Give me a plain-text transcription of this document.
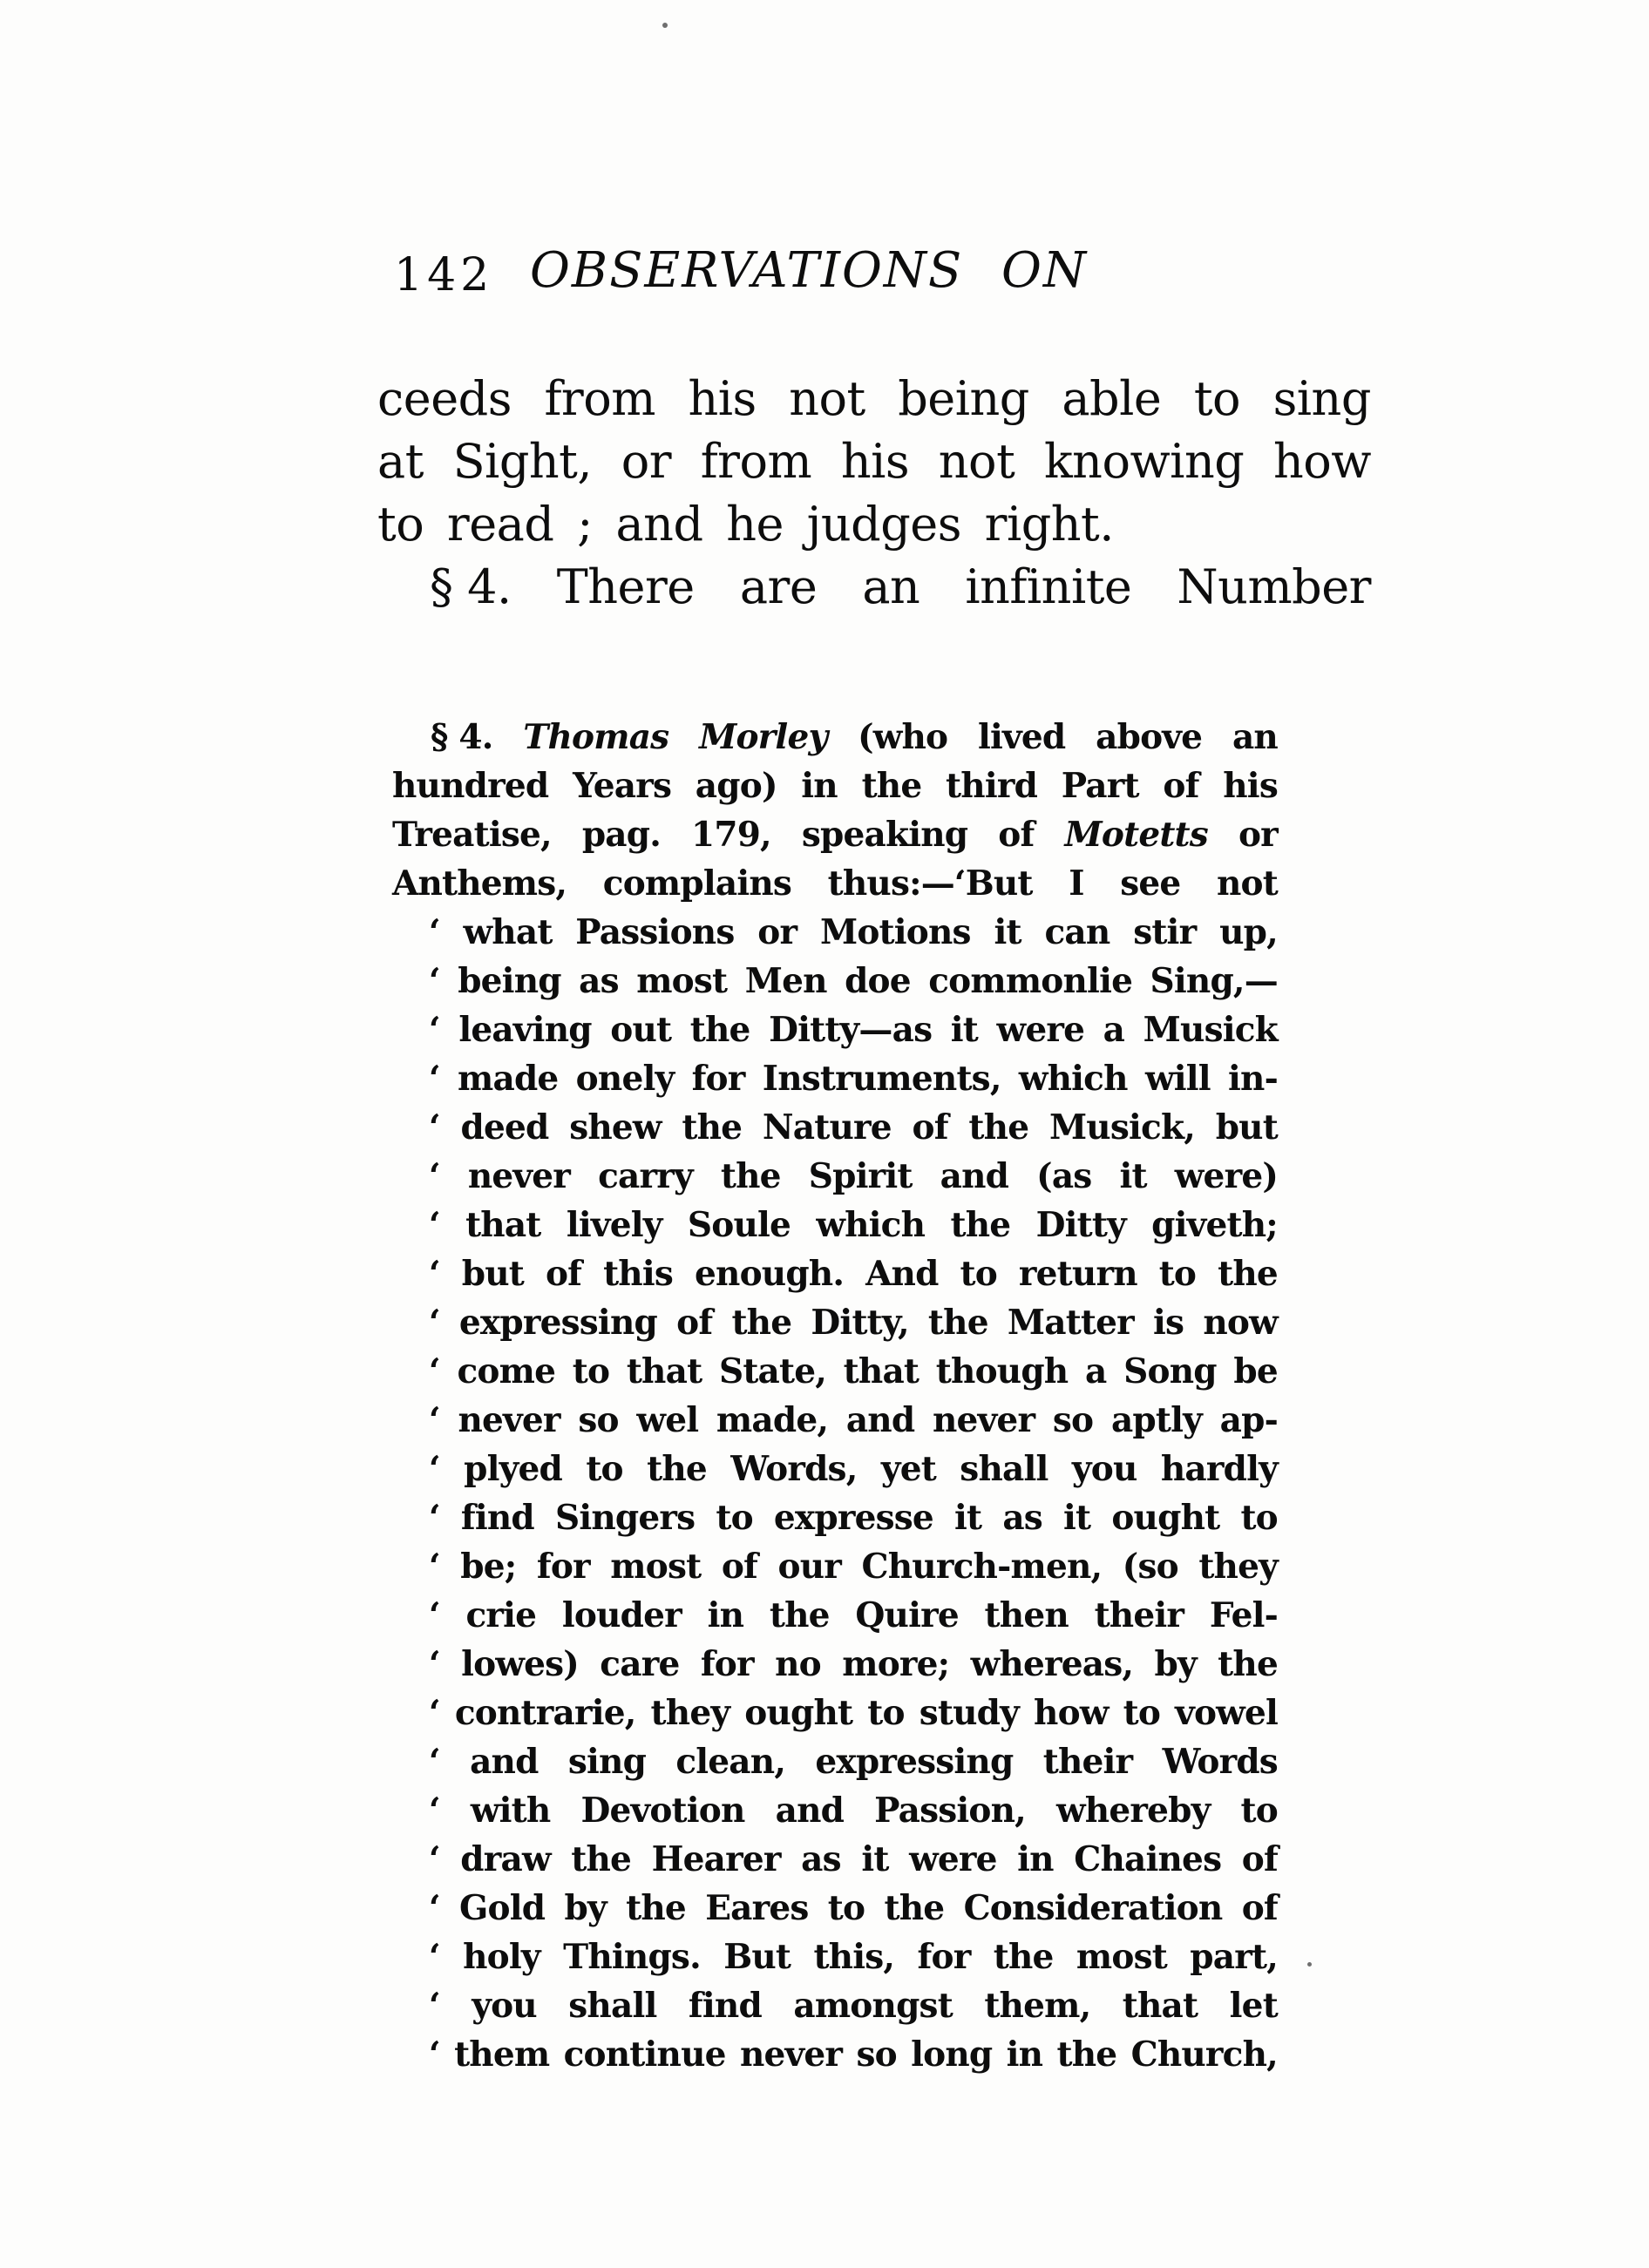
142 OBSERVATIONS ON
ceeds from his not being able to sing
at Sight, or from his not knowing how
to read ; and he judges right.
§ 4. There are an infinite Number
§ 4. Thomas Morley (who lived above an
hundred Years ago) in the third Part of his
Treatise, pag. 179, speaking of Motetts or
Anthems, complains thus:—‘But I see not
‘ what Passions or Motions it can stir up,
‘ being as most Men doe commonlie Sing,—
‘ leaving out the Ditty—as it were a Musick
‘ made onely for Instruments, which will in-
‘ deed shew the Nature of the Musick, but
‘ never carry the Spirit and (as it were)
‘ that lively Soule which the Ditty giveth;
‘ but of this enough. And to return to the
‘ expressing of the Ditty, the Matter is now
‘ come to that State, that though a Song be
‘ never so wel made, and never so aptly ap-
‘ plyed to the Words, yet shall you hardly
‘ find Singers to expresse it as it ought to
‘ be; for most of our Church-men, (so they
‘ crie louder in the Quire then their Fel-
‘ lowes) care for no more; whereas, by the
‘ contrarie, they ought to study how to vowel
‘ and sing clean, expressing their Words
‘ with Devotion and Passion, whereby to
‘ draw the Hearer as it were in Chaines of
‘ Gold by the Eares to the Consideration of
‘ holy Things. But this, for the most part,
‘ you shall find amongst them, that let
‘ them continue never so long in the Church,
